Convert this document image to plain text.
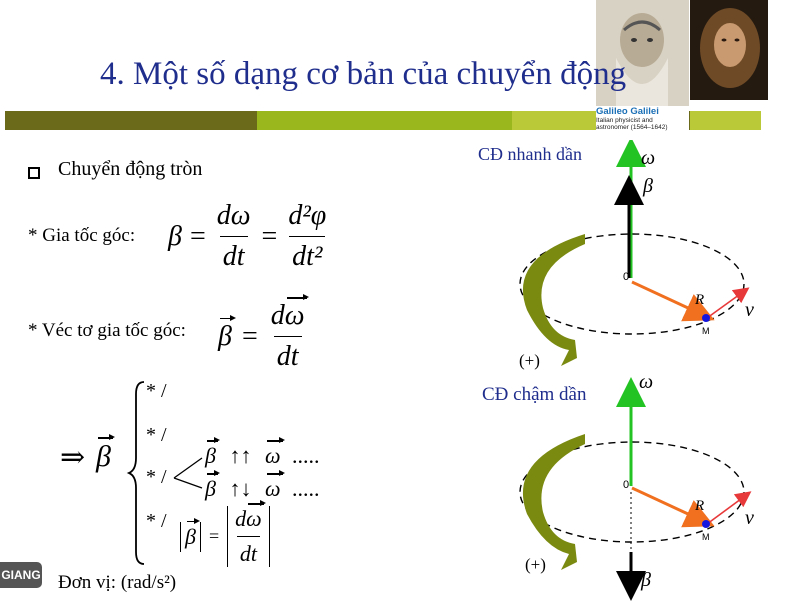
Galileo Galilei
Italian physicist and
astronomer (1564–1642)
4. Một số dạng cơ bản của chuyển động
Chuyển động tròn
* Gia tốc góc: $\beta = \frac{d\omega}{dt} = \frac{\text{d²φ}}{\text{dt²}}$
* Véc tơ gia tốc góc: $\beta = \frac{d\omega}{dt}$
⇒ β
* /
* /
* /
* /
β ↑↑ ω .....
β ↑↓ ω .....
$\beta = \frac{d\omega}{dt}$
Đơn vị: (rad/s²)
GIANG
CĐ nhanh dần
CĐ chậm dần
ω
β
0
R v
M
(+)
ω
β
0
R
v
M
(+)
